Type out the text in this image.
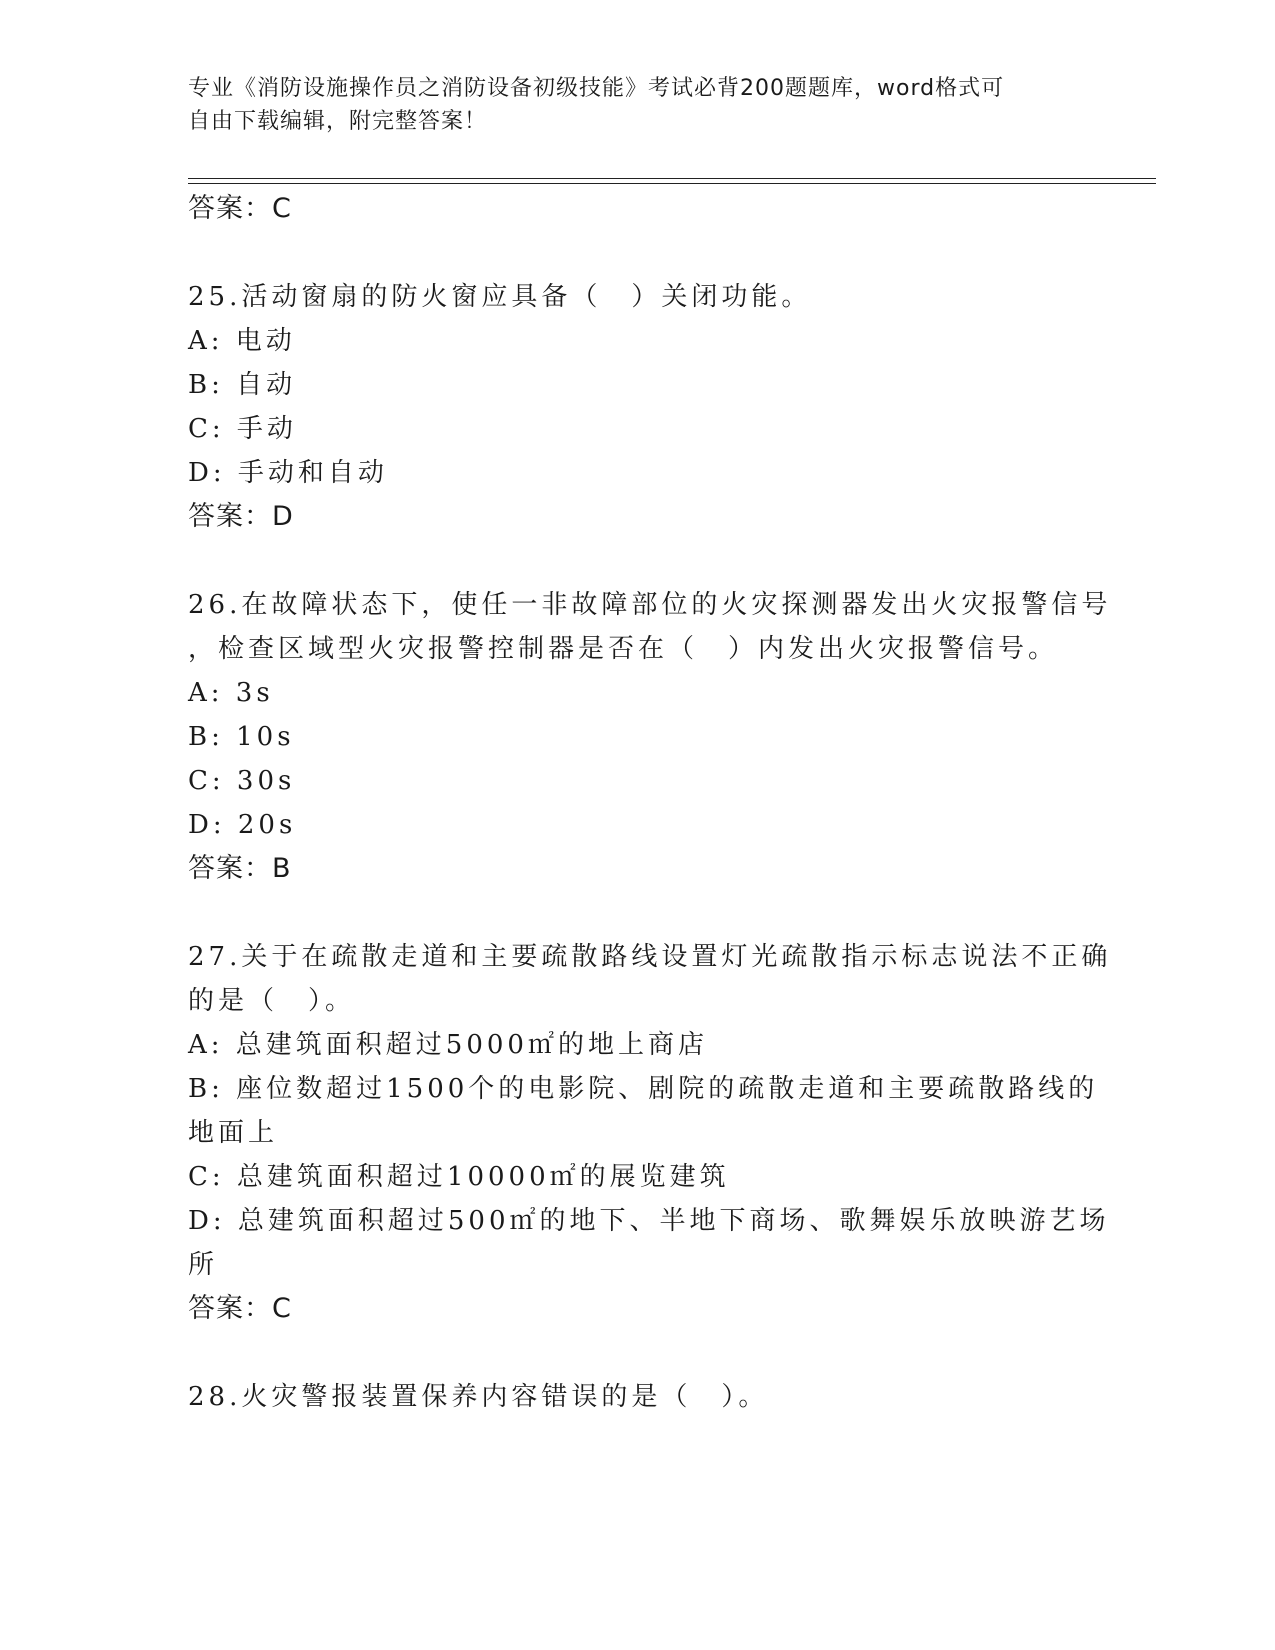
专业《消防设施操作员之消防设备初级技能》考试必背200题题库，word格式可
自由下载编辑，附完整答案！
答案：C
25.活动窗扇的防火窗应具备（　）关闭功能。
A: 电动
B: 自动
C: 手动
D: 手动和自动
答案：D
26.在故障状态下，使任一非故障部位的火灾探测器发出火灾报警信号
，检查区域型火灾报警控制器是否在（　）内发出火灾报警信号。
A: 3s
B: 10s
C: 30s
D: 20s
答案：B
27.关于在疏散走道和主要疏散路线设置灯光疏散指示标志说法不正确
的是（　）。
A: 总建筑面积超过5000㎡的地上商店
B: 座位数超过1500个的电影院、剧院的疏散走道和主要疏散路线的
地面上
C: 总建筑面积超过10000㎡的展览建筑
D: 总建筑面积超过500㎡的地下、半地下商场、歌舞娱乐放映游艺场
所
答案：C
28.火灾警报装置保养内容错误的是（　）。
